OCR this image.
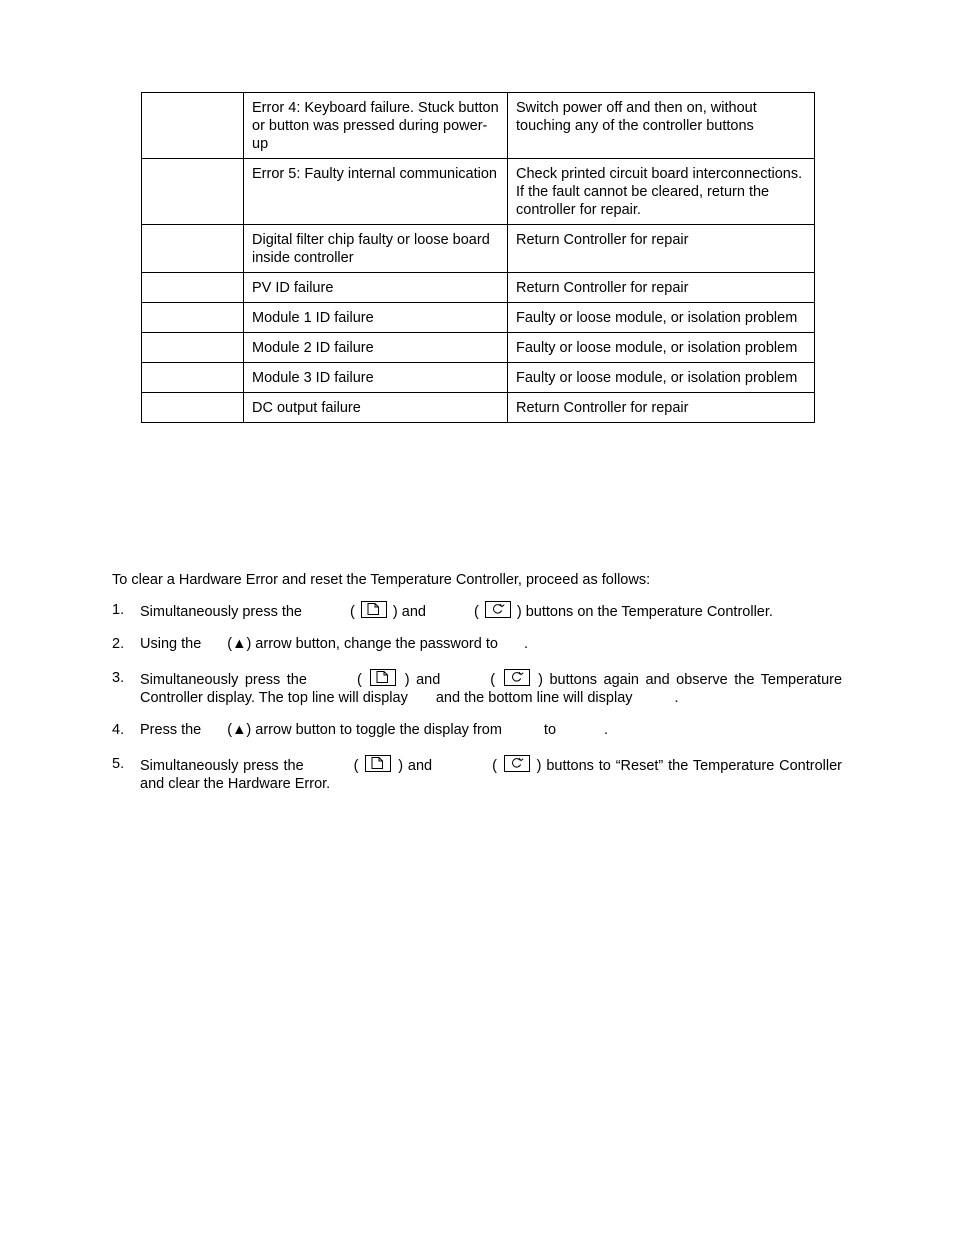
	Error 4: Keyboard failure. Stuck button or button was pressed during power-up	Switch power off and then on, without touching any of the controller buttons
	Error 5: Faulty internal communication	Check printed circuit board interconnections. If the fault cannot be cleared, return the controller for repair.
	Digital filter chip faulty or loose board inside controller	Return Controller for repair
	PV ID failure	Return Controller for repair
	Module 1 ID failure	Faulty or loose module, or isolation problem
	Module 2 ID failure	Faulty or loose module, or isolation problem
	Module 3 ID failure	Faulty or loose module, or isolation problem
	DC output failure	Return Controller for repair
To clear a Hardware Error and reset the Temperature Controller, proceed as follows:
1. Simultaneously press the	(	) and	(	) buttons on the Temperature Controller.
2. Using the (▲) arrow button, change the password to .
3. Simultaneously press the	(	) and	(	) buttons again and observe the Temperature Controller display. The top line will display and the bottom line will display	.
4. Press the (▲) arrow button to toggle the display from	to	.
5. Simultaneously press the	(	) and	(	) buttons to “Reset” the Temperature Controller and clear the Hardware Error.
